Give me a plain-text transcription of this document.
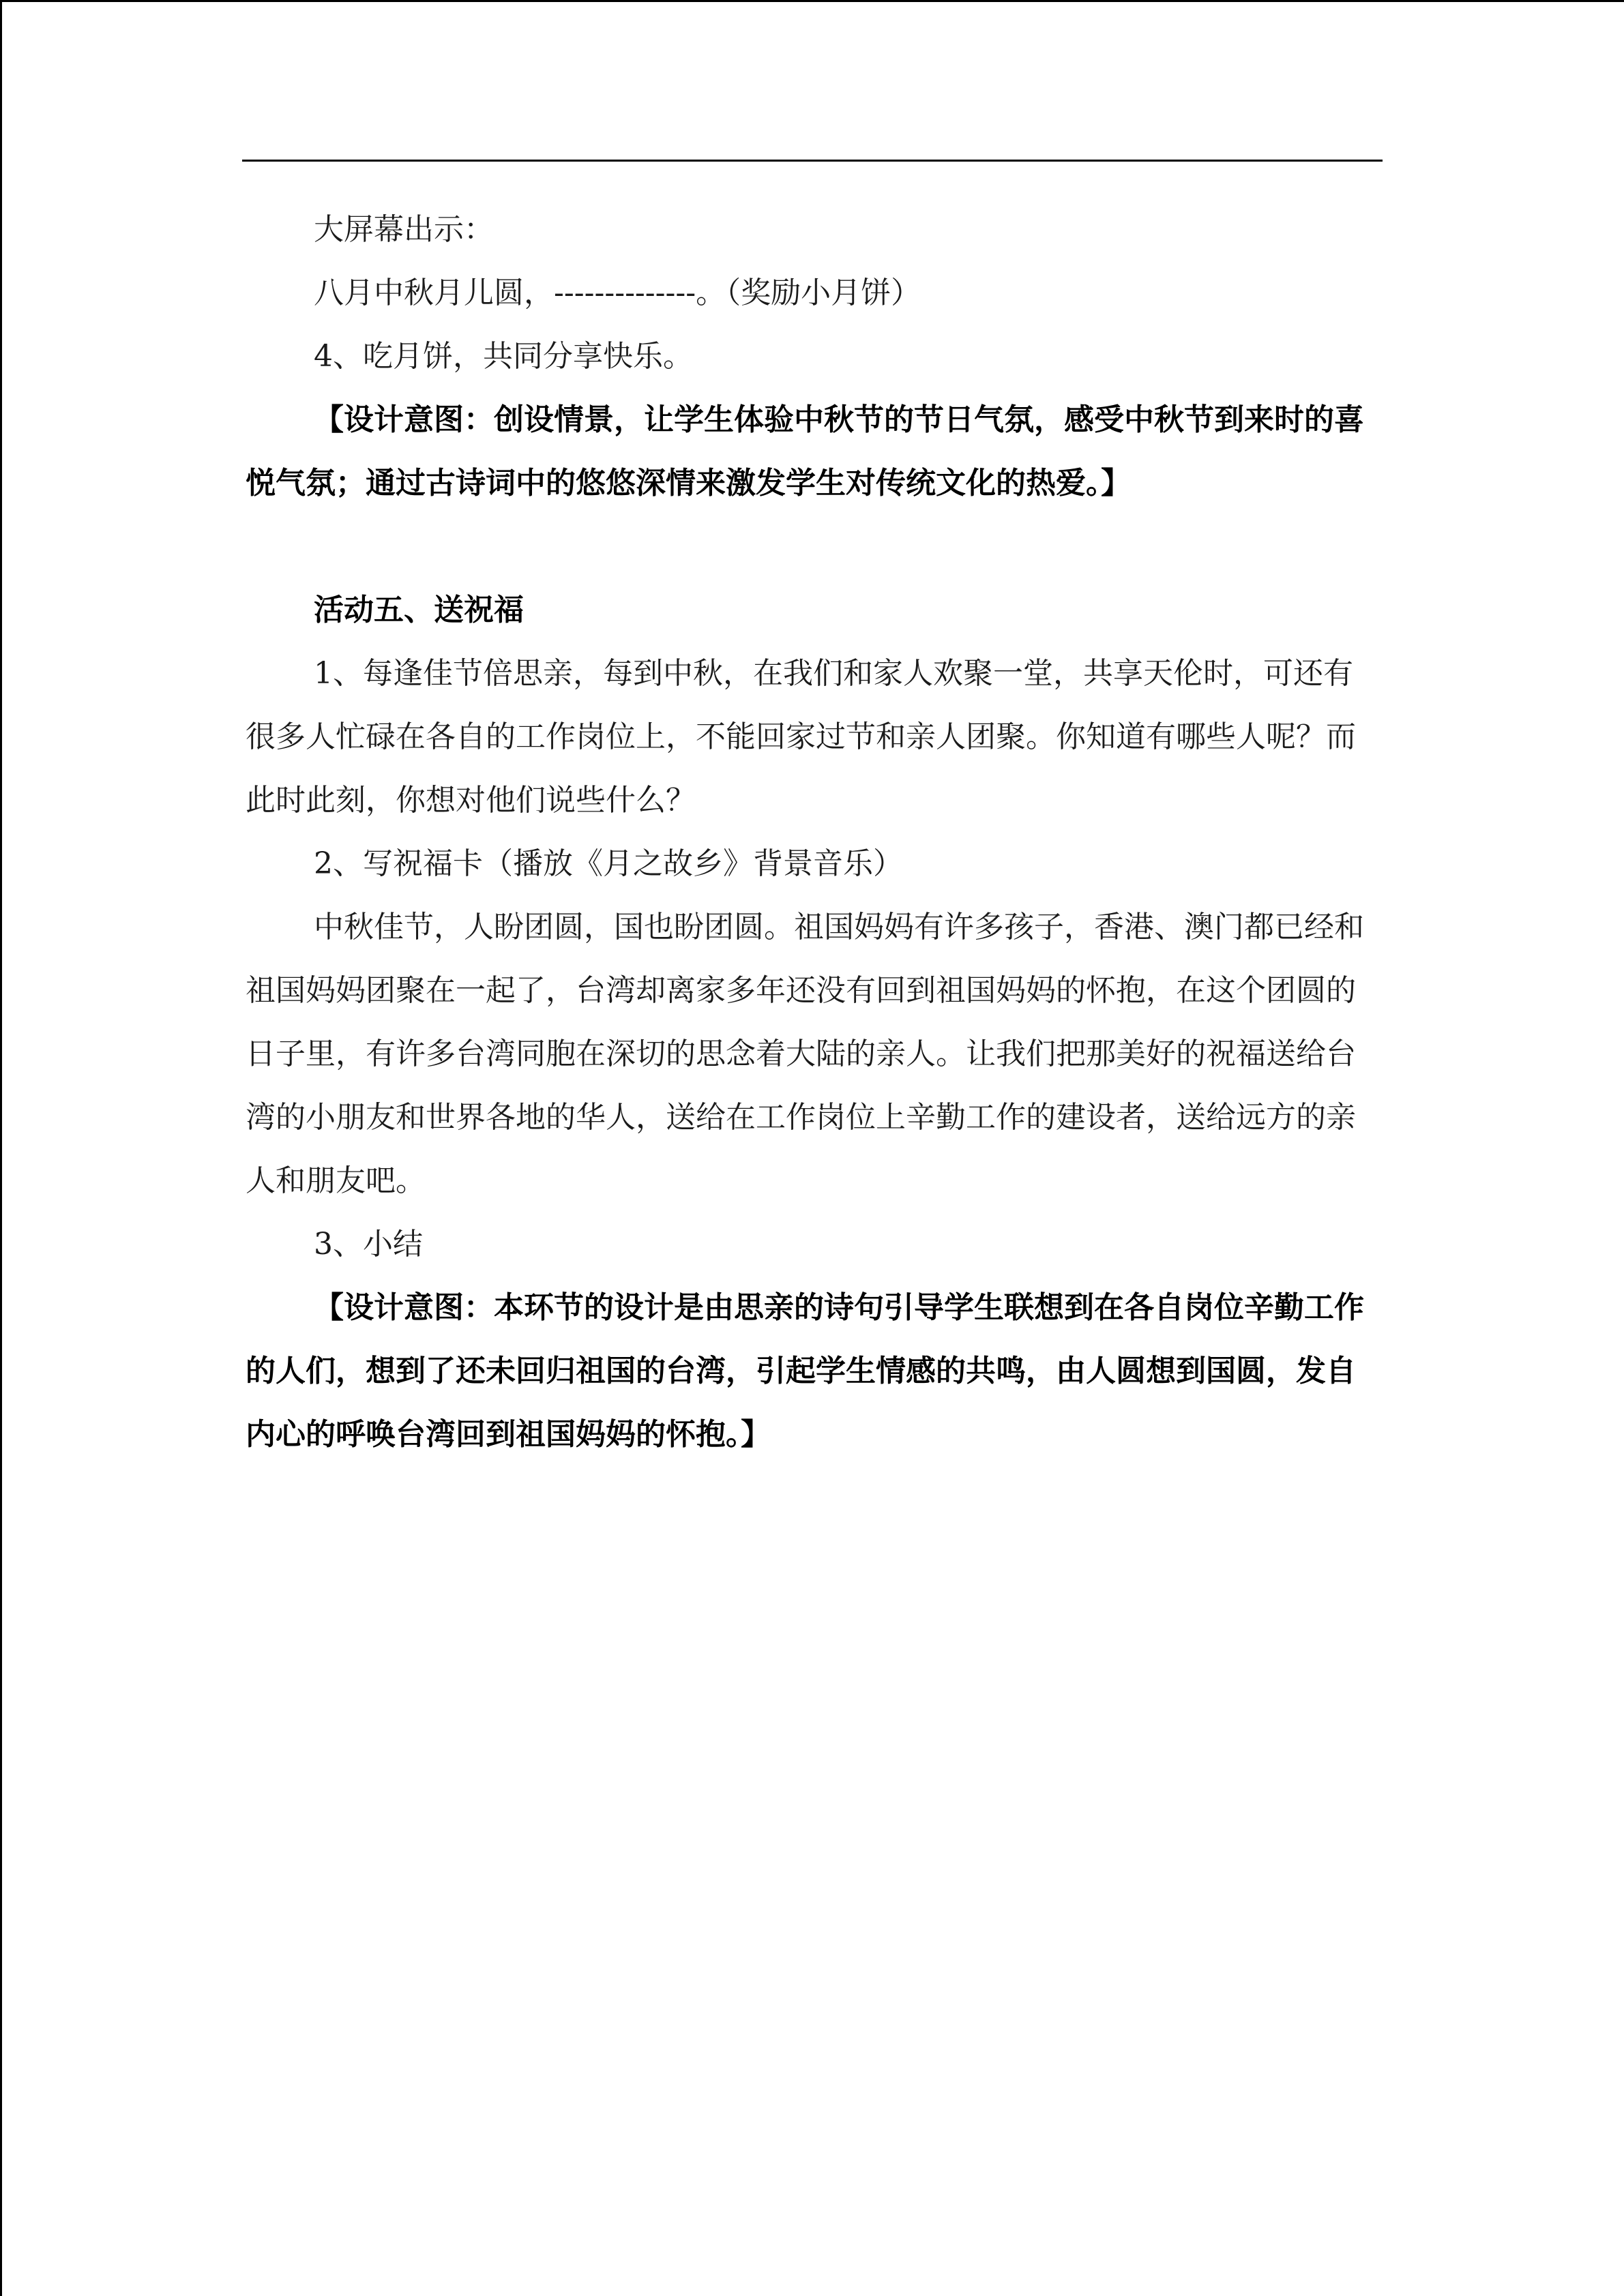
大屏幕出示：

八月中秋月儿圆，--------------。（奖励小月饼）

4、吃月饼，共同分享快乐。

【设计意图：创设情景，让学生体验中秋节的节日气氛，感受中秋节到来时的喜悦气氛；通过古诗词中的悠悠深情来激发学生对传统文化的热爱。】

活动五、送祝福

1、每逢佳节倍思亲，每到中秋，在我们和家人欢聚一堂，共享天伦时，可还有很多人忙碌在各自的工作岗位上，不能回家过节和亲人团聚。你知道有哪些人呢？而此时此刻，你想对他们说些什么？

2、写祝福卡（播放《月之故乡》背景音乐）

中秋佳节，人盼团圆，国也盼团圆。祖国妈妈有许多孩子，香港、澳门都已经和祖国妈妈团聚在一起了，台湾却离家多年还没有回到祖国妈妈的怀抱，在这个团圆的日子里，有许多台湾同胞在深切的思念着大陆的亲人。让我们把那美好的祝福送给台湾的小朋友和世界各地的华人，送给在工作岗位上辛勤工作的建设者，送给远方的亲人和朋友吧。

3、小结

【设计意图：本环节的设计是由思亲的诗句引导学生联想到在各自岗位辛勤工作的人们，想到了还未回归祖国的台湾，引起学生情感的共鸣，由人圆想到国圆，发自内心的呼唤台湾回到祖国妈妈的怀抱。】
